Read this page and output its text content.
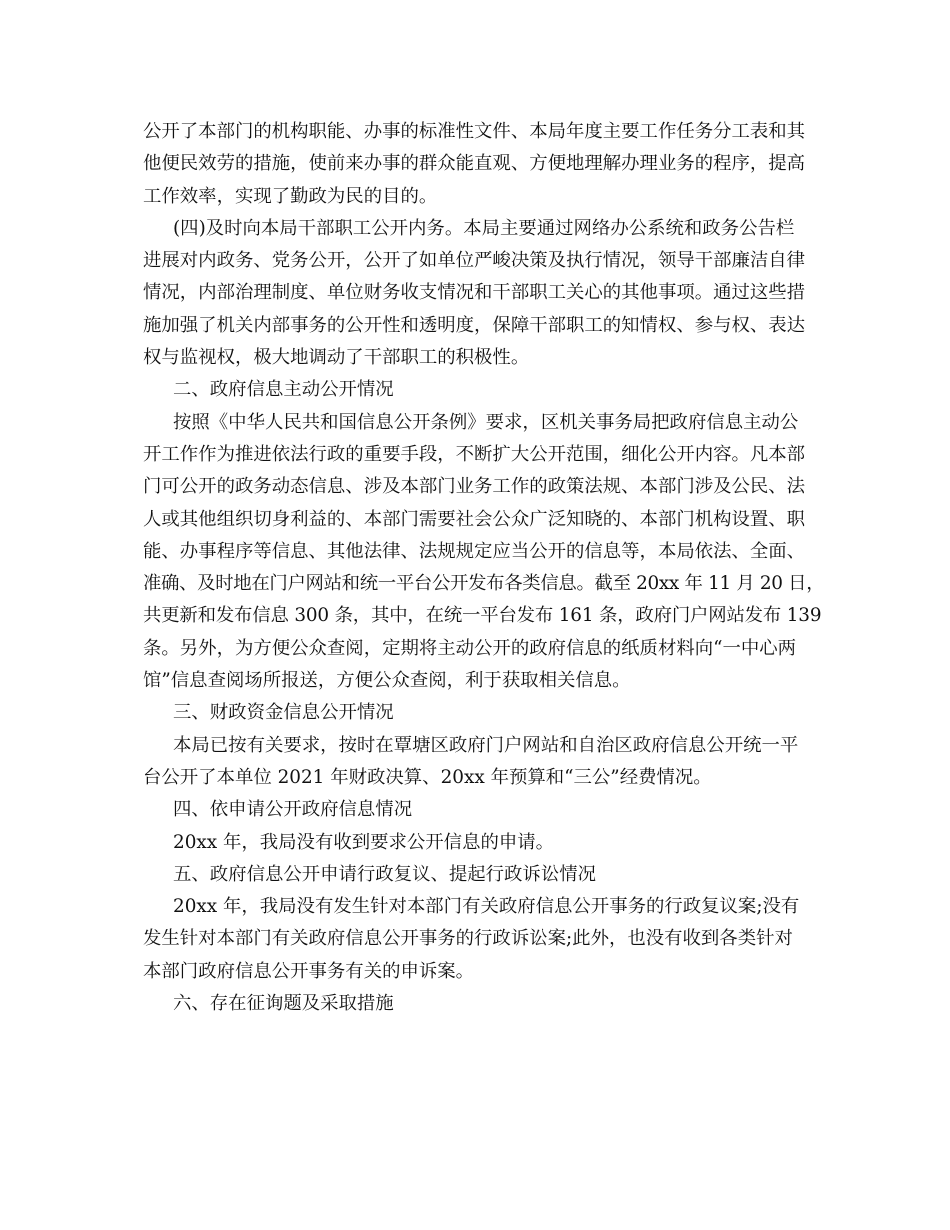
公开了本部门的机构职能、办事的标准性文件、本局年度主要工作任务分工表和其
他便民效劳的措施，使前来办事的群众能直观、方便地理解办理业务的程序，提高
工作效率，实现了勤政为民的目的。
(四)及时向本局干部职工公开内务。本局主要通过网络办公系统和政务公告栏
进展对内政务、党务公开，公开了如单位严峻决策及执行情况，领导干部廉洁自律
情况，内部治理制度、单位财务收支情况和干部职工关心的其他事项。通过这些措
施加强了机关内部事务的公开性和透明度，保障干部职工的知情权、参与权、表达
权与监视权，极大地调动了干部职工的积极性。
二、政府信息主动公开情况
按照《中华人民共和国信息公开条例》要求，区机关事务局把政府信息主动公
开工作作为推进依法行政的重要手段，不断扩大公开范围，细化公开内容。凡本部
门可公开的政务动态信息、涉及本部门业务工作的政策法规、本部门涉及公民、法
人或其他组织切身利益的、本部门需要社会公众广泛知晓的、本部门机构设置、职
能、办事程序等信息、其他法律、法规规定应当公开的信息等，本局依法、全面、
准确、及时地在门户网站和统一平台公开发布各类信息。截至 20xx 年 11 月 20 日，
共更新和发布信息 300 条，其中，在统一平台发布 161 条，政府门户网站发布 139
条。另外，为方便公众查阅，定期将主动公开的政府信息的纸质材料向“一中心两
馆”信息查阅场所报送，方便公众查阅，利于获取相关信息。
三、财政资金信息公开情况
本局已按有关要求，按时在覃塘区政府门户网站和自治区政府信息公开统一平
台公开了本单位 2021 年财政决算、20xx 年预算和“三公”经费情况。
四、依申请公开政府信息情况
20xx 年，我局没有收到要求公开信息的申请。
五、政府信息公开申请行政复议、提起行政诉讼情况
20xx 年，我局没有发生针对本部门有关政府信息公开事务的行政复议案;没有
发生针对本部门有关政府信息公开事务的行政诉讼案;此外，也没有收到各类针对
本部门政府信息公开事务有关的申诉案。
六、存在征询题及采取措施
